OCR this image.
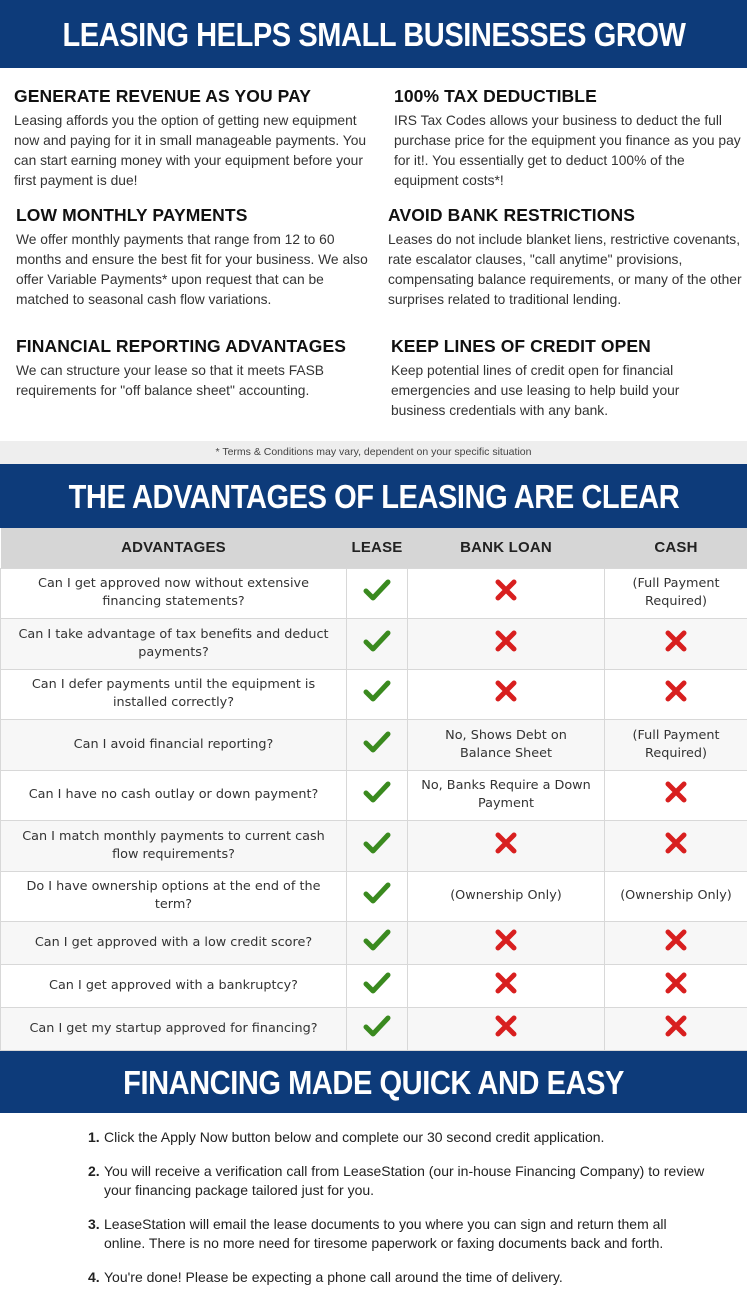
LEASING HELPS SMALL BUSINESSES GROW
GENERATE REVENUE AS YOU PAY

Leasing affords you the option of getting new equipment now and paying for it in small manageable payments. You can start earning money with your equipment before your first payment is due!

100% TAX DEDUCTIBLE

IRS Tax Codes allows your business to deduct the full purchase price for the equipment you finance as you pay for it!. You essentially get to deduct 100% of the equipment costs*!

LOW MONTHLY PAYMENTS

We offer monthly payments that range from 12 to 60 months and ensure the best fit for your business. We also offer Variable Payments* upon request that can be matched to seasonal cash flow variations.

AVOID BANK RESTRICTIONS

Leases do not include blanket liens, restrictive covenants, rate escalator clauses, "call anytime" provisions, compensating balance requirements, or many of the other surprises related to traditional lending.

FINANCIAL REPORTING ADVANTAGES

We can structure your lease so that it meets FASB requirements for "off balance sheet" accounting.

KEEP LINES OF CREDIT OPEN

Keep potential lines of credit open for financial emergencies and use leasing to help build your business credentials with any bank.

* Terms & Conditions may vary, dependent on your specific situation
THE ADVANTAGES OF LEASING ARE CLEAR
ADVANTAGES	LEASE	BANK LOAN	CASH
Can I get approved now without extensive financing statements?			(Full Payment Required)
Can I take advantage of tax benefits and deduct payments?			
Can I defer payments until the equipment is installed correctly?			
Can I avoid financial reporting?		No, Shows Debt on Balance Sheet	(Full Payment Required)
Can I have no cash outlay or down payment?		No, Banks Require a Down Payment	
Can I match monthly payments to current cash flow requirements?			
Do I have ownership options at the end of the term?		(Ownership Only)	(Ownership Only)
Can I get approved with a low credit score?			
Can I get approved with a bankruptcy?			
Can I get my startup approved for financing?			
FINANCING MADE QUICK AND EASY
1. Click the Apply Now button below and complete our 30 second credit application.
2. You will receive a verification call from LeaseStation (our in-house Financing Company) to review your financing package tailored just for you.
3. LeaseStation will email the lease documents to you where you can sign and return them all online. There is no more need for tiresome paperwork or faxing documents back and forth.
4. You're done! Please be expecting a phone call around the time of delivery.
